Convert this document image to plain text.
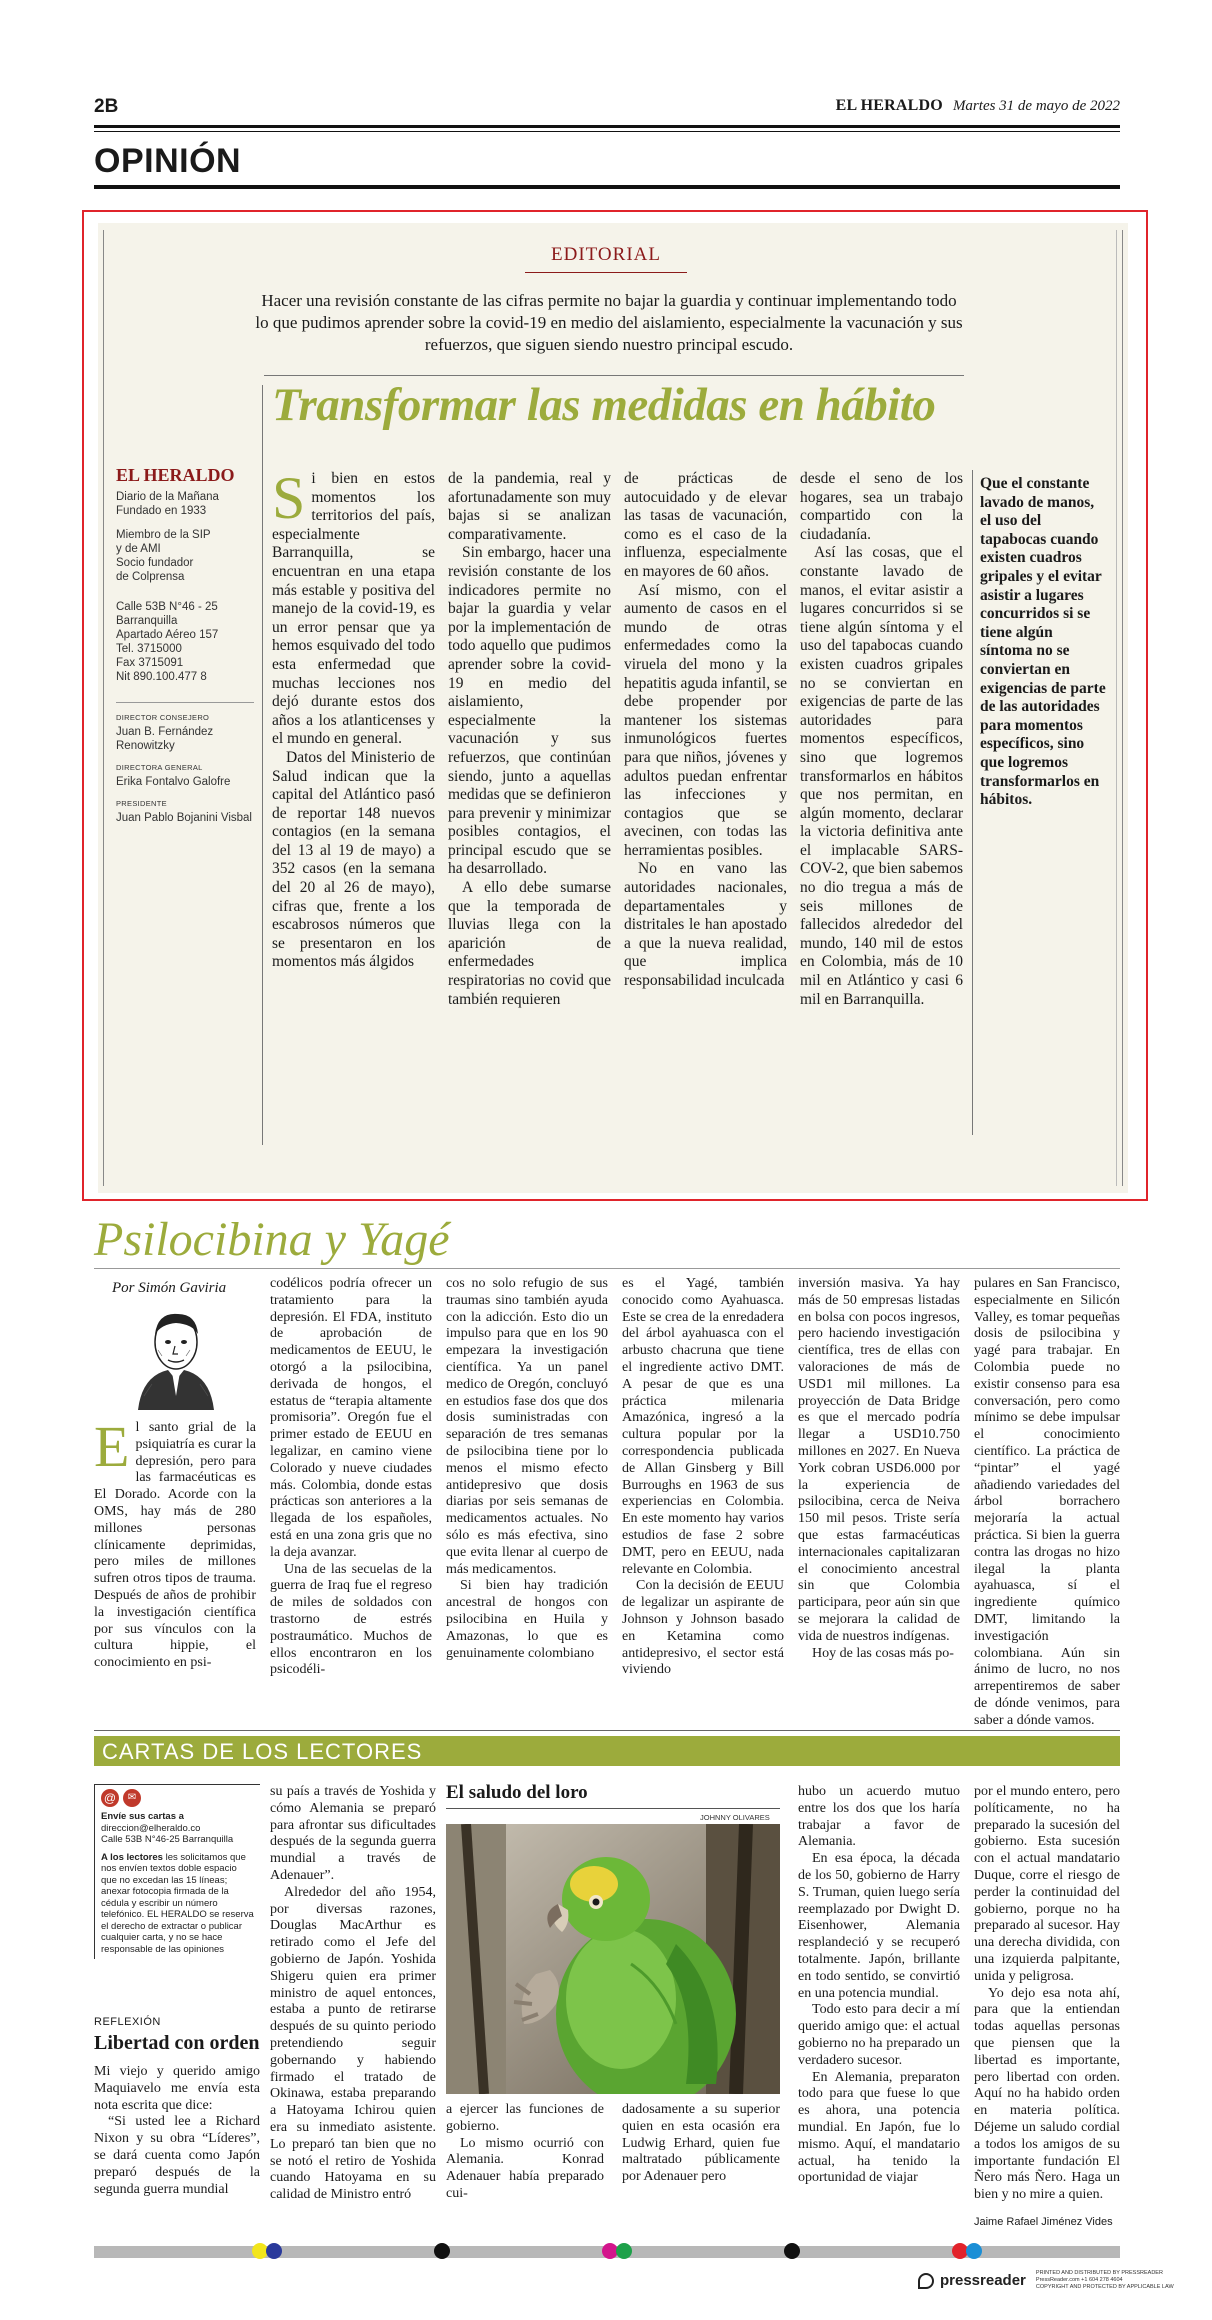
2B	EL HERALDO Martes 31 de mayo de 2022
OPINIÓN
EDITORIAL
Hacer una revisión constante de las cifras permite no bajar la guardia y continuar implementando todo lo que pudimos aprender sobre la covid-19 en medio del aislamiento, especialmente la vacunación y sus refuerzos, que siguen siendo nuestro principal escudo.
Transformar las medidas en hábito
EL HERALDO
Diario de la Mañana
Fundado en 1933
Miembro de la SIP
y de AMI
Socio fundador
de Colprensa
Calle 53B N°46 - 25
Barranquilla
Apartado Aéreo 157
Tel. 3715000
Fax 3715091
Nit 890.100.477 8
DIRECTOR CONSEJERO
Juan B. Fernández Renowitzky
DIRECTORA GENERAL
Erika Fontalvo Galofre
PRESIDENTE
Juan Pablo Bojanini Visbal
S i bien en estos momentos los territorios del país, especialmente Barranquilla, se encuentran en una etapa más estable y positiva del manejo de la covid-19, es un error pensar que ya hemos esquivado del todo esta enfermedad que muchas lecciones nos dejó durante estos dos años a los atlanticenses y el mundo en general.

Datos del Ministerio de Salud indican que la capital del Atlántico pasó de reportar 148 nuevos contagios (en la semana del 13 al 19 de mayo) a 352 casos (en la semana del 20 al 26 de mayo), cifras que, frente a los escabrosos números que se presentaron en los momentos más álgidos

de la pandemia, real y afortunadamente son muy bajas si se analizan comparativamente.

Sin embargo, hacer una revisión constante de los indicadores permite no bajar la guardia y velar por la implementación de todo aquello que pudimos aprender sobre la covid-19 en medio del aislamiento, especialmente la vacunación y sus refuerzos, que continúan siendo, junto a aquellas medidas que se definieron para prevenir y minimizar posibles contagios, el principal escudo que se ha desarrollado.

A ello debe sumarse que la temporada de lluvias llega con la aparición de enfermedades respiratorias no covid que también requieren

de prácticas de autocuidado y de elevar las tasas de vacunación, como es el caso de la influenza, especialmente en mayores de 60 años.

Así mismo, con el aumento de casos en el mundo de otras enfermedades como la viruela del mono y la hepatitis aguda infantil, se debe propender por mantener los sistemas inmunológicos fuertes para que niños, jóvenes y adultos puedan enfrentar las infecciones y contagios que se avecinen, con todas las herramientas posibles.

No en vano las autoridades nacionales, departamentales y distritales le han apostado a que la nueva realidad, que implica responsabilidad inculcada

desde el seno de los hogares, sea un trabajo compartido con la ciudadanía.

Así las cosas, que el constante lavado de manos, el evitar asistir a lugares concurridos si se tiene algún síntoma y el uso del tapabocas cuando existen cuadros gripales no se conviertan en exigencias de parte de las autoridades para momentos específicos, sino que logremos transformarlos en hábitos que nos permitan, en algún momento, declarar la victoria definitiva ante el implacable SARS-COV-2, que bien sabemos no dio tregua a más de seis millones de fallecidos alrededor del mundo, 140 mil de estos en Colombia, más de 10 mil en Atlántico y casi 6 mil en Barranquilla.

Que el constante lavado de manos, el uso del tapabocas cuando existen cuadros gripales y el evitar asistir a lugares concurridos si se tiene algún síntoma no se conviertan en exigencias de parte de las autoridades para momentos específicos, sino que logremos transformarlos en hábitos.
Psilocibina y Yagé
Por Simón Gaviria
E l santo grial de la psiquiatría es curar la depresión, pero para las farmacéuticas es El Dorado. Acorde con la OMS, hay más de 280 millones personas clínicamente deprimidas, pero miles de millones sufren otros tipos de trauma. Después de años de prohibir la investigación científica por sus vínculos con la cultura hippie, el conocimiento en psi-

codélicos podría ofrecer un tratamiento para la depresión. El FDA, instituto de aprobación de medicamentos de EEUU, le otorgó a la psilocibina, derivada de hongos, el estatus de “terapia altamente promisoria”. Oregón fue el primer estado de EEUU en legalizar, en camino viene Colorado y nueve ciudades más. Colombia, donde estas prácticas son anteriores a la llegada de los españoles, está en una zona gris que no la deja avanzar.

Una de las secuelas de la guerra de Iraq fue el regreso de miles de soldados con trastorno de estrés postraumático. Muchos de ellos encontraron en los psicodéli-

cos no solo refugio de sus traumas sino también ayuda con la adicción. Esto dio un impulso para que en los 90 empezara la investigación científica. Ya un panel medico de Oregón, concluyó en estudios fase dos que dos dosis suministradas con separación de tres semanas de psilocibina tiene por lo menos el mismo efecto antidepresivo que dosis diarias por seis semanas de medicamentos actuales. No sólo es más efectiva, sino que evita llenar al cuerpo de más medicamentos.

Si bien hay tradición ancestral de hongos con psilocibina en Huila y Amazonas, lo que es genuinamente colombiano

es el Yagé, también conocido como Ayahuasca. Este se crea de la enredadera del árbol ayahuasca con el arbusto chacruna que tiene el ingrediente activo DMT. A pesar de que es una práctica milenaria Amazónica, ingresó a la cultura popular por la correspondencia publicada de Allan Ginsberg y Bill Burroughs en 1963 de sus experiencias en Colombia. En este momento hay varios estudios de fase 2 sobre DMT, pero en EEUU, nada relevante en Colombia.

Con la decisión de EEUU de legalizar un aspirante de Johnson y Johnson basado en Ketamina como antidepresivo, el sector está viviendo

inversión masiva. Ya hay más de 50 empresas listadas en bolsa con pocos ingresos, pero haciendo investigación científica, tres de ellas con valoraciones de más de USD1 mil millones. La proyección de Data Bridge es que el mercado podría llegar a USD10.750 millones en 2027. En Nueva York cobran USD6.000 por la experiencia de psilocibina, cerca de Neiva 150 mil pesos. Triste sería que estas farmacéuticas internacionales capitalizaran el conocimiento ancestral sin que Colombia participara, peor aún sin que se mejorara la calidad de vida de nuestros indígenas.

Hoy de las cosas más po-

pulares en San Francisco, especialmente en Silicón Valley, es tomar pequeñas dosis de psilocibina y yagé para trabajar. En Colombia puede no existir consenso para esa conversación, pero como mínimo se debe impulsar el conocimiento científico. La práctica de “pintar” el yagé añadiendo variedades del árbol borrachero mejoraría la actual práctica. Si bien la guerra contra las drogas no hizo ilegal la planta ayahuasca, sí el ingrediente químico DMT, limitando la investigación colombiana. Aún sin ánimo de lucro, no nos arrepentiremos de saber de dónde venimos, para saber a dónde vamos.

CARTAS DE LOS LECTORES
@	✉
Envíe sus cartas a
direccion@elheraldo.co
Calle 53B N°46-25 Barranquilla
A los lectores les solicitamos que nos envíen textos doble espacio que no excedan las 15 líneas; anexar fotocopia firmada de la cédula y escribir un número telefónico. EL HERALDO se reserva el derecho de extractar o publicar cualquier carta, y no se hace responsable de las opiniones
REFLEXIÓN
Libertad con orden

Mi viejo y querido amigo Maquiavelo me envía esta nota escrita que dice:

“Si usted lee a Richard Nixon y su obra “Líderes”, se dará cuenta como Japón preparó después de la segunda guerra mundial

su país a través de Yoshida y cómo Alemania se preparó para afrontar sus dificultades después de la segunda guerra mundial a través de Adenauer”.

Alrededor del año 1954, por diversas razones, Douglas MacArthur es retirado como el Jefe del gobierno de Japón. Yoshida Shigeru quien era primer ministro de aquel entonces, estaba a punto de retirarse después de su quinto periodo pretendiendo seguir gobernando y habiendo firmado el tratado de Okinawa, estaba preparando a Hatoyama Ichirou quien era su inmediato asistente. Lo preparó tan bien que no se notó el retiro de Yoshida cuando Hatoyama en su calidad de Ministro entró

El saludo del loro
JOHNNY OLIVARES

a ejercer las funciones de gobierno.

Lo mismo ocurrió con Alemania. Konrad Adenauer había preparado cui-

dadosamente a su superior quien en esta ocasión era Ludwig Erhard, quien fue maltratado públicamente por Adenauer pero

hubo un acuerdo mutuo entre los dos que los haría trabajar a favor de Alemania.

En esa época, la década de los 50, gobierno de Harry S. Truman, quien luego sería reemplazado por Dwight D. Eisenhower, Alemania resplandeció y se recuperó totalmente. Japón, brillante en todo sentido, se convirtió en una potencia mundial.

Todo esto para decir a mí querido amigo que: el actual gobierno no ha preparado un verdadero sucesor.

En Alemania, preparaton todo para que fuese lo que es ahora, una potencia mundial. En Japón, fue lo mismo. Aquí, el mandatario actual, ha tenido la oportunidad de viajar

por el mundo entero, pero políticamente, no ha preparado la sucesión del gobierno. Esta sucesión con el actual mandatario Duque, corre el riesgo de perder la continuidad del gobierno, porque no ha preparado al sucesor. Hay una derecha dividida, con una izquierda palpitante, unida y peligrosa.

Yo dejo esa nota ahí, para que la entiendan todas aquellas personas que piensen que la libertad es importante, pero libertad con orden. Aquí no ha habido orden en materia política. Déjeme un saludo cordial a todos los amigos de su importante fundación El Ñero más Ñero. Haga un bien y no mire a quien.

Jaime Rafael Jiménez Vides
pressreader PRINTED AND DISTRIBUTED BY PRESSREADER
PressReader.com +1 604 278 4604
COPYRIGHT AND PROTECTED BY APPLICABLE LAW
